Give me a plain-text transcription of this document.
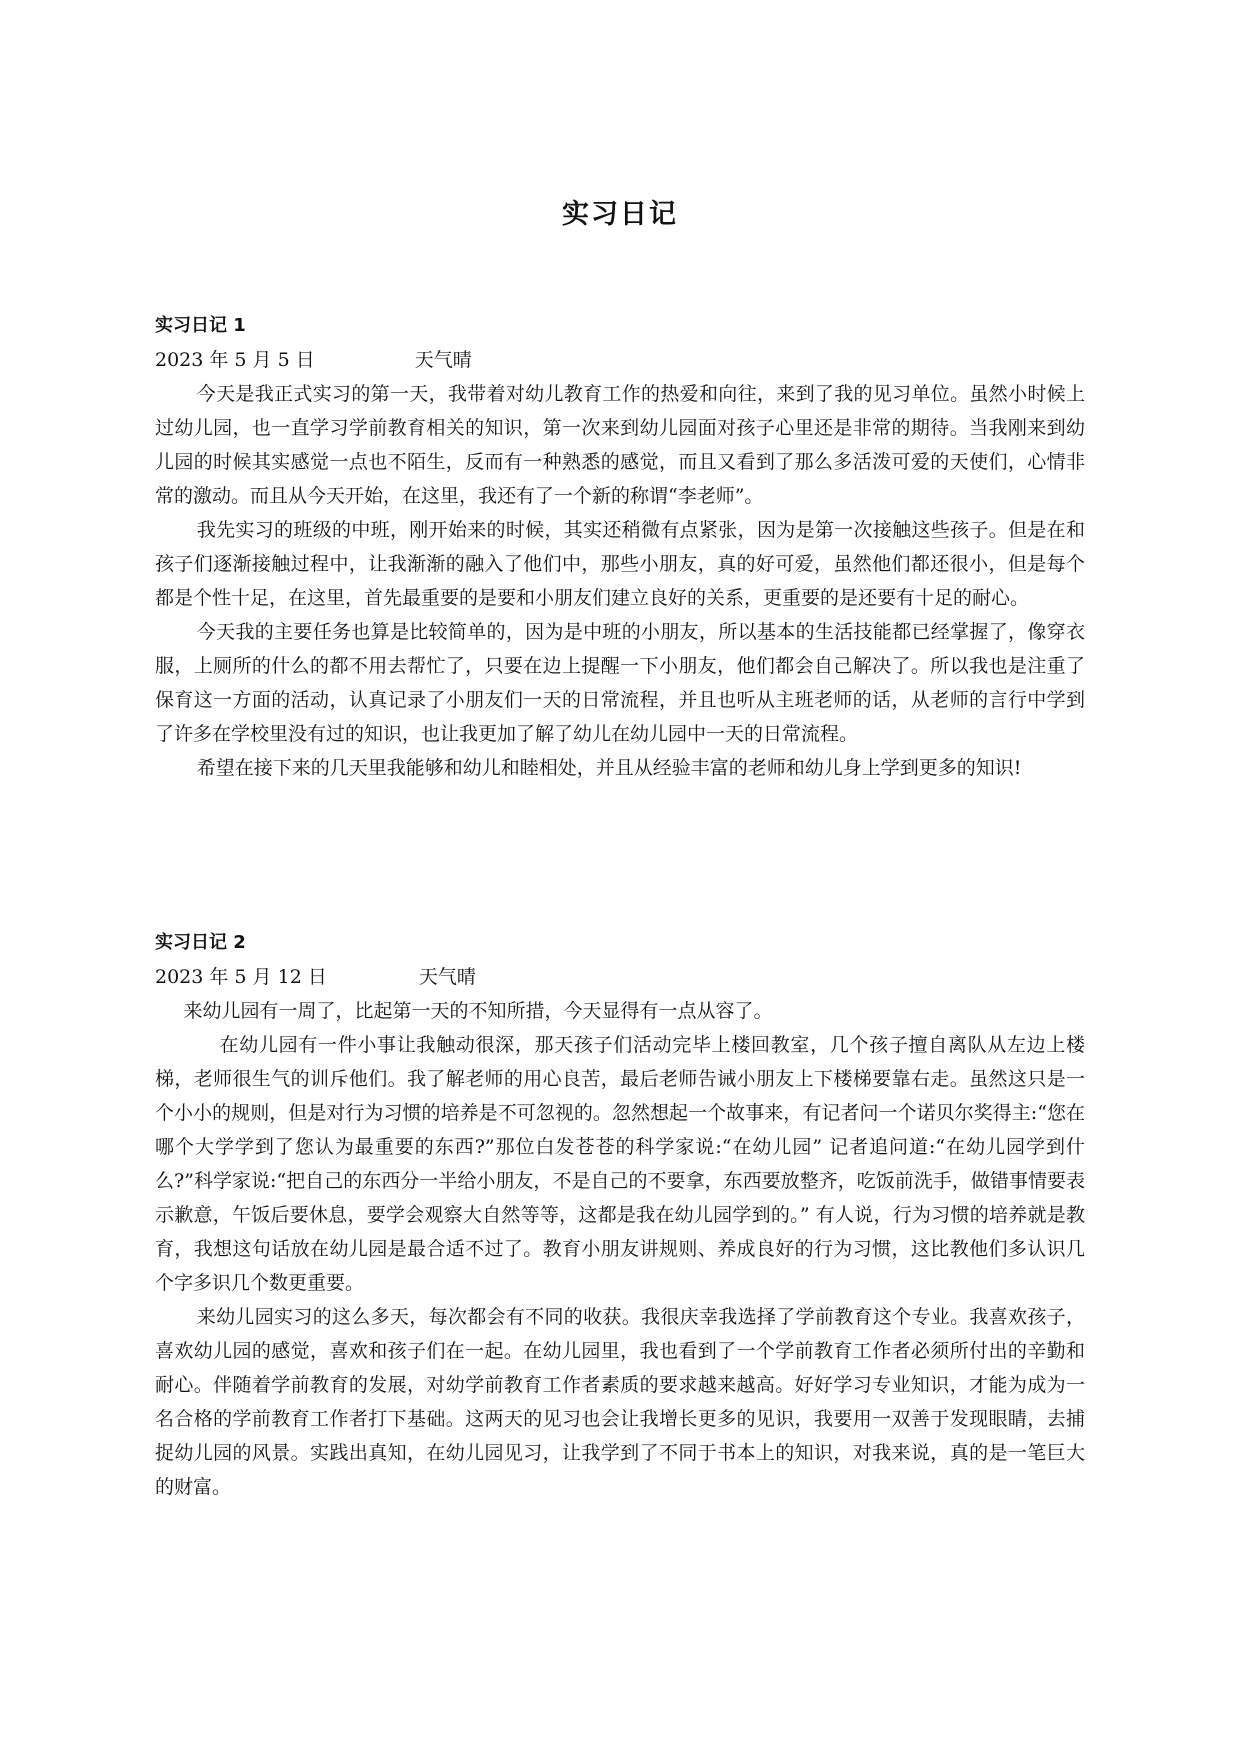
实习日记
实习日记 1
2023 年 5 月 5 日	天气晴

今天是我正式实习的第一天，我带着对幼儿教育工作的热爱和向往，来到了我的见习单位。虽然小时候上过幼儿园，也一直学习学前教育相关的知识，第一次来到幼儿园面对孩子心里还是非常的期待。当我刚来到幼儿园的时候其实感觉一点也不陌生，反而有一种熟悉的感觉，而且又看到了那么多活泼可爱的天使们，心情非常的激动。而且从今天开始，在这里，我还有了一个新的称谓“李老师”。

我先实习的班级的中班，刚开始来的时候，其实还稍微有点紧张，因为是第一次接触这些孩子。但是在和孩子们逐渐接触过程中，让我渐渐的融入了他们中，那些小朋友，真的好可爱，虽然他们都还很小，但是每个都是个性十足，在这里，首先最重要的是要和小朋友们建立良好的关系，更重要的是还要有十足的耐心。

今天我的主要任务也算是比较简单的，因为是中班的小朋友，所以基本的生活技能都已经掌握了，像穿衣服，上厕所的什么的都不用去帮忙了，只要在边上提醒一下小朋友，他们都会自己解决了。所以我也是注重了保育这一方面的活动，认真记录了小朋友们一天的日常流程，并且也听从主班老师的话，从老师的言行中学到了许多在学校里没有过的知识，也让我更加了解了幼儿在幼儿园中一天的日常流程。

希望在接下来的几天里我能够和幼儿和睦相处，并且从经验丰富的老师和幼儿身上学到更多的知识!

实习日记 2
2023 年 5 月 12 日	天气晴

来幼儿园有一周了，比起第一天的不知所措，今天显得有一点从容了。

在幼儿园有一件小事让我触动很深，那天孩子们活动完毕上楼回教室，几个孩子擅自离队从左边上楼梯，老师很生气的训斥他们。我了解老师的用心良苦，最后老师告诫小朋友上下楼梯要靠右走。虽然这只是一个小小的规则，但是对行为习惯的培养是不可忽视的。忽然想起一个故事来，有记者问一个诺贝尔奖得主:“您在哪个大学学到了您认为最重要的东西?”那位白发苍苍的科学家说:“在幼儿园” 记者追问道:“在幼儿园学到什么?”科学家说:“把自己的东西分一半给小朋友，不是自己的不要拿，东西要放整齐，吃饭前洗手，做错事情要表示歉意，午饭后要休息，要学会观察大自然等等，这都是我在幼儿园学到的。” 有人说，行为习惯的培养就是教育，我想这句话放在幼儿园是最合适不过了。教育小朋友讲规则、养成良好的行为习惯，这比教他们多认识几个字多识几个数更重要。

来幼儿园实习的这么多天，每次都会有不同的收获。我很庆幸我选择了学前教育这个专业。我喜欢孩子，喜欢幼儿园的感觉，喜欢和孩子们在一起。在幼儿园里，我也看到了一个学前教育工作者必须所付出的辛勤和耐心。伴随着学前教育的发展，对幼学前教育工作者素质的要求越来越高。好好学习专业知识，才能为成为一名合格的学前教育工作者打下基础。这两天的见习也会让我增长更多的见识，我要用一双善于发现眼睛，去捕捉幼儿园的风景。实践出真知，在幼儿园见习，让我学到了不同于书本上的知识，对我来说，真的是一笔巨大的财富。
